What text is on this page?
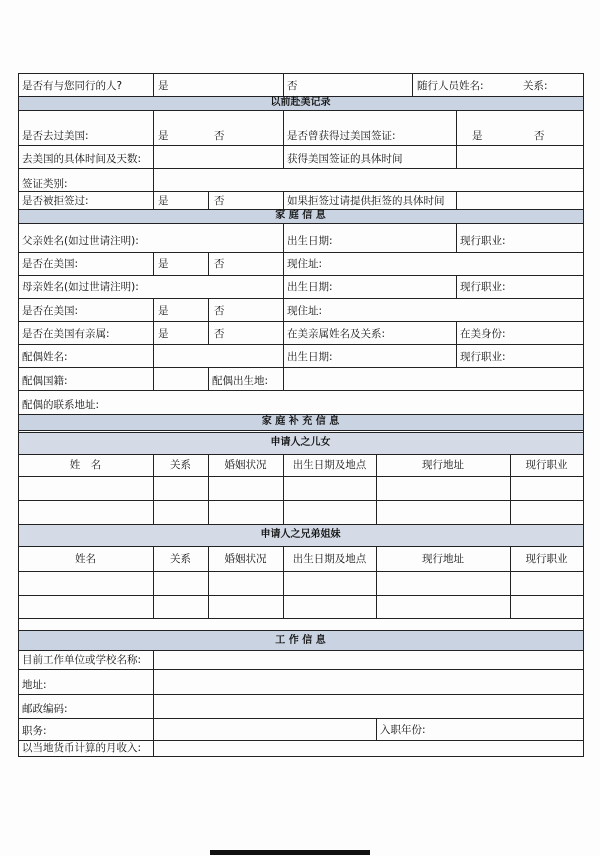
是否有与您同行的人?	是	否	随行人员姓名:	关系:
以前赴美记录
是否去过美国:	是	否	是否曾获得过美国签证:	是	否
去美国的具体时间及天数:	获得美国签证的具体时间
签证类别:
是否被拒签过:	是	否	如果拒签过请提供拒签的具体时间
家 庭 信 息
父亲姓名(如过世请注明):	出生日期:	现行职业:
是否在美国:	是	否	现住址:
母亲姓名(如过世请注明):	出生日期:	现行职业:
是否在美国:	是	否	现住址:
是否在美国有亲属:	是	否	在美亲属姓名及关系:	在美身份:
配偶姓名:	出生日期:	现行职业:
配偶国籍:	配偶出生地:
配偶的联系地址:
家 庭 补 充 信 息
申请人之儿女
姓　名	关系	婚姻状况	出生日期及地点	现行地址	现行职业
申请人之兄弟姐妹
姓名	关系	婚姻状况	出生日期及地点	现行地址	现行职业
工 作 信 息
目前工作单位或学校名称:
地址:
邮政编码:
职务:	入职年份:
以当地货币计算的月收入:
